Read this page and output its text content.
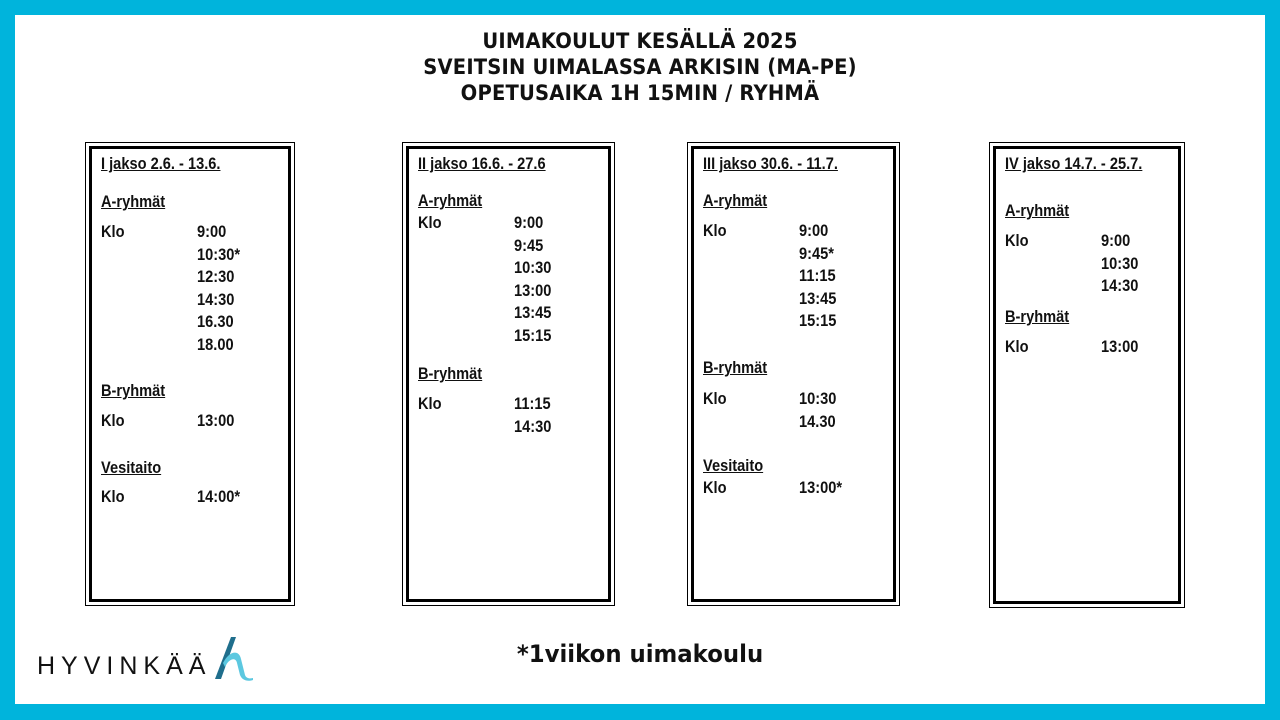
UIMAKOULUT KESÄLLÄ 2025
SVEITSIN UIMALASSA ARKISIN (MA-PE)
OPETUSAIKA 1H 15MIN / RYHMÄ
I jakso 2.6. - 13.6.
A-ryhmät
Klo	9:00
10:30*
12:30
14:30
16.30
18.00
B-ryhmät
Klo	13:00
Vesitaito
Klo	14:00*
II jakso 16.6. - 27.6
A-ryhmät
Klo	9:00
9:45
10:30
13:00
13:45
15:15
B-ryhmät
Klo	11:15
14:30
III jakso 30.6. - 11.7.
A-ryhmät
Klo	9:00
9:45*
11:15
13:45
15:15
B-ryhmät
Klo	10:30
14.30
Vesitaito
Klo	13:00*
IV jakso 14.7. - 25.7.
A-ryhmät
Klo	9:00
10:30
14:30
B-ryhmät
Klo	13:00
*1viikon uimakoulu
HYVINKÄÄ
